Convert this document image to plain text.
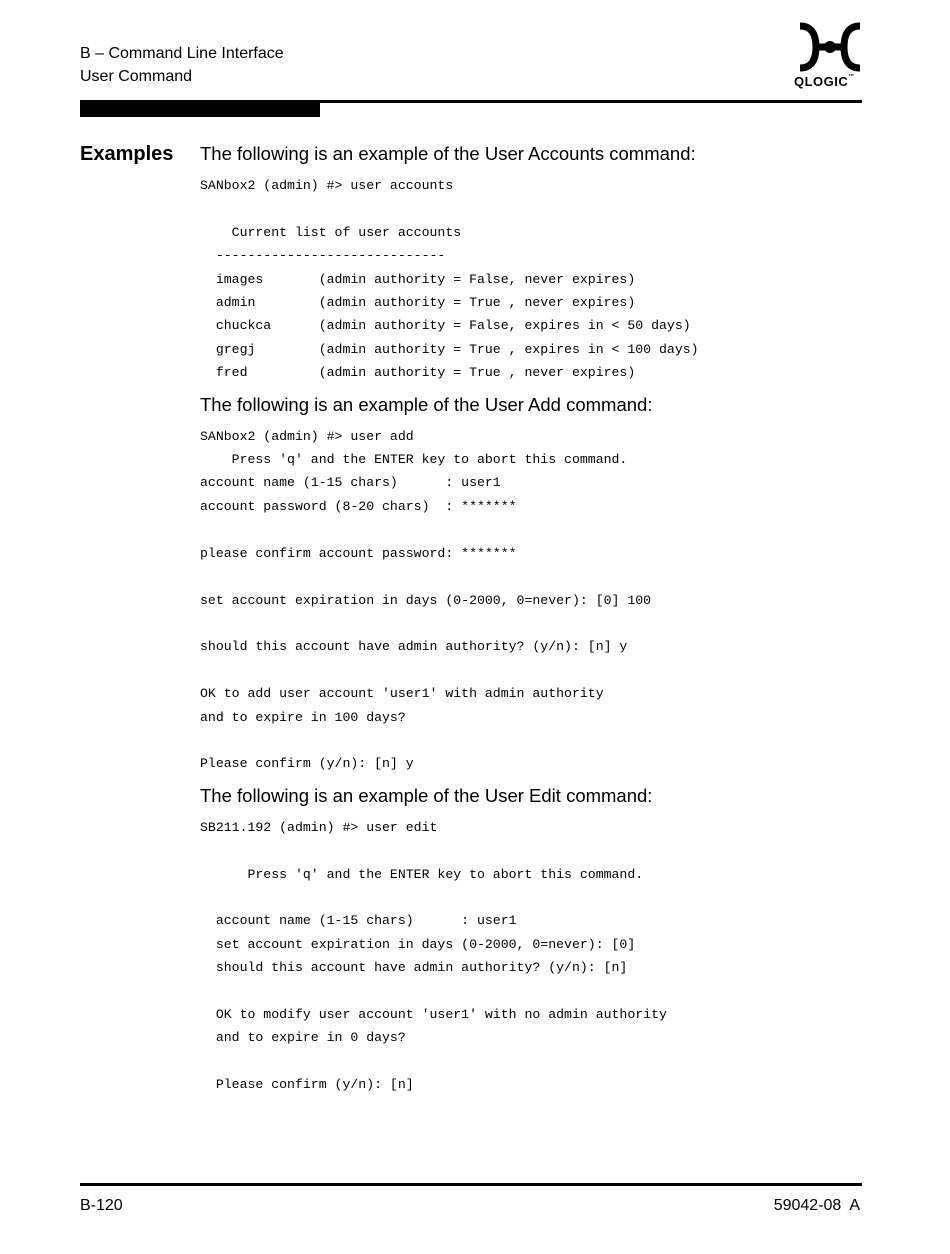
B – Command Line Interface
User Command	QLOGIC™
Examples The following is an example of the User Accounts command:

SANbox2 (admin) #> user accounts

Current list of user accounts
-----------------------------
images       (admin authority = False, never expires)
admin        (admin authority = True , never expires)
chuckca      (admin authority = False, expires in < 50 days)
gregj        (admin authority = True , expires in < 100 days)
fred         (admin authority = True , never expires)

The following is an example of the User Add command:

SANbox2 (admin) #> user add
Press 'q' and the ENTER key to abort this command.
account name (1-15 chars)      : user1
account password (8-20 chars)  : *******

please confirm account password: *******

set account expiration in days (0-2000, 0=never): [0] 100

should this account have admin authority? (y/n): [n] y

OK to add user account 'user1' with admin authority
and to expire in 100 days?

Please confirm (y/n): [n] y

The following is an example of the User Edit command:

SB211.192 (admin) #> user edit

Press 'q' and the ENTER key to abort this command.

account name (1-15 chars)      : user1
set account expiration in days (0-2000, 0=never): [0]
should this account have admin authority? (y/n): [n]

OK to modify user account 'user1' with no admin authority
and to expire in 0 days?

Please confirm (y/n): [n]
B-120	59042-08  A
